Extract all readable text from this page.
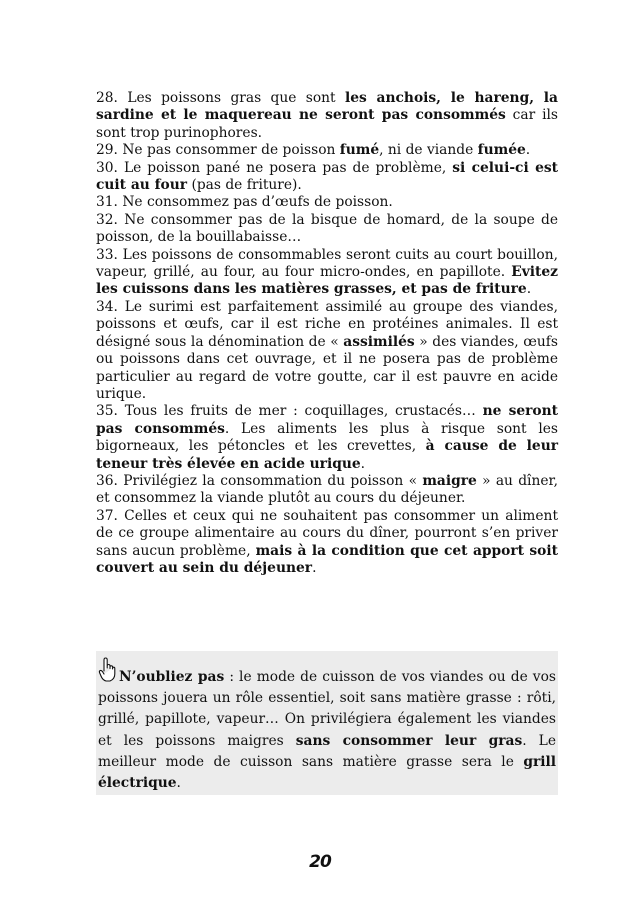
28. Les poissons gras que sont les anchois, le hareng, la sardine et le maquereau ne seront pas consommés car ils sont trop purinophores.

29. Ne pas consommer de poisson fumé, ni de viande fumée.

30. Le poisson pané ne posera pas de problème, si celui-ci est cuit au four (pas de friture).

31. Ne consommez pas d’œufs de poisson.

32. Ne consommer pas de la bisque de homard, de la soupe de poisson, de la bouillabaisse…

33. Les poissons de consommables seront cuits au court bouillon, vapeur, grillé, au four, au four micro-ondes, en papillote. Evitez les cuissons dans les matières grasses, et pas de friture.

34. Le surimi est parfaitement assimilé au groupe des viandes, poissons et œufs, car il est riche en protéines animales. Il est désigné sous la dénomination de « assimilés » des viandes, œufs ou poissons dans cet ouvrage, et il ne posera pas de problème particulier au regard de votre goutte, car il est pauvre en acide urique.

35. Tous les fruits de mer : coquillages, crustacés… ne seront pas consommés. Les aliments les plus à risque sont les bigorneaux, les pétoncles et les crevettes, à cause de leur teneur très élevée en acide urique.

36. Privilégiez la consommation du poisson « maigre » au dîner, et consommez la viande plutôt au cours du déjeuner.

37. Celles et ceux qui ne souhaitent pas consommer un aliment de ce groupe alimentaire au cours du dîner, pourront s’en priver sans aucun problème, mais à la condition que cet apport soit couvert au sein du déjeuner.

N’oubliez pas : le mode de cuisson de vos viandes ou de vos poissons jouera un rôle essentiel, soit sans matière grasse : rôti, grillé, papillote, vapeur… On privilégiera également les viandes et les poissons maigres sans consommer leur gras. Le meilleur mode de cuisson sans matière grasse sera le grill électrique.
20
